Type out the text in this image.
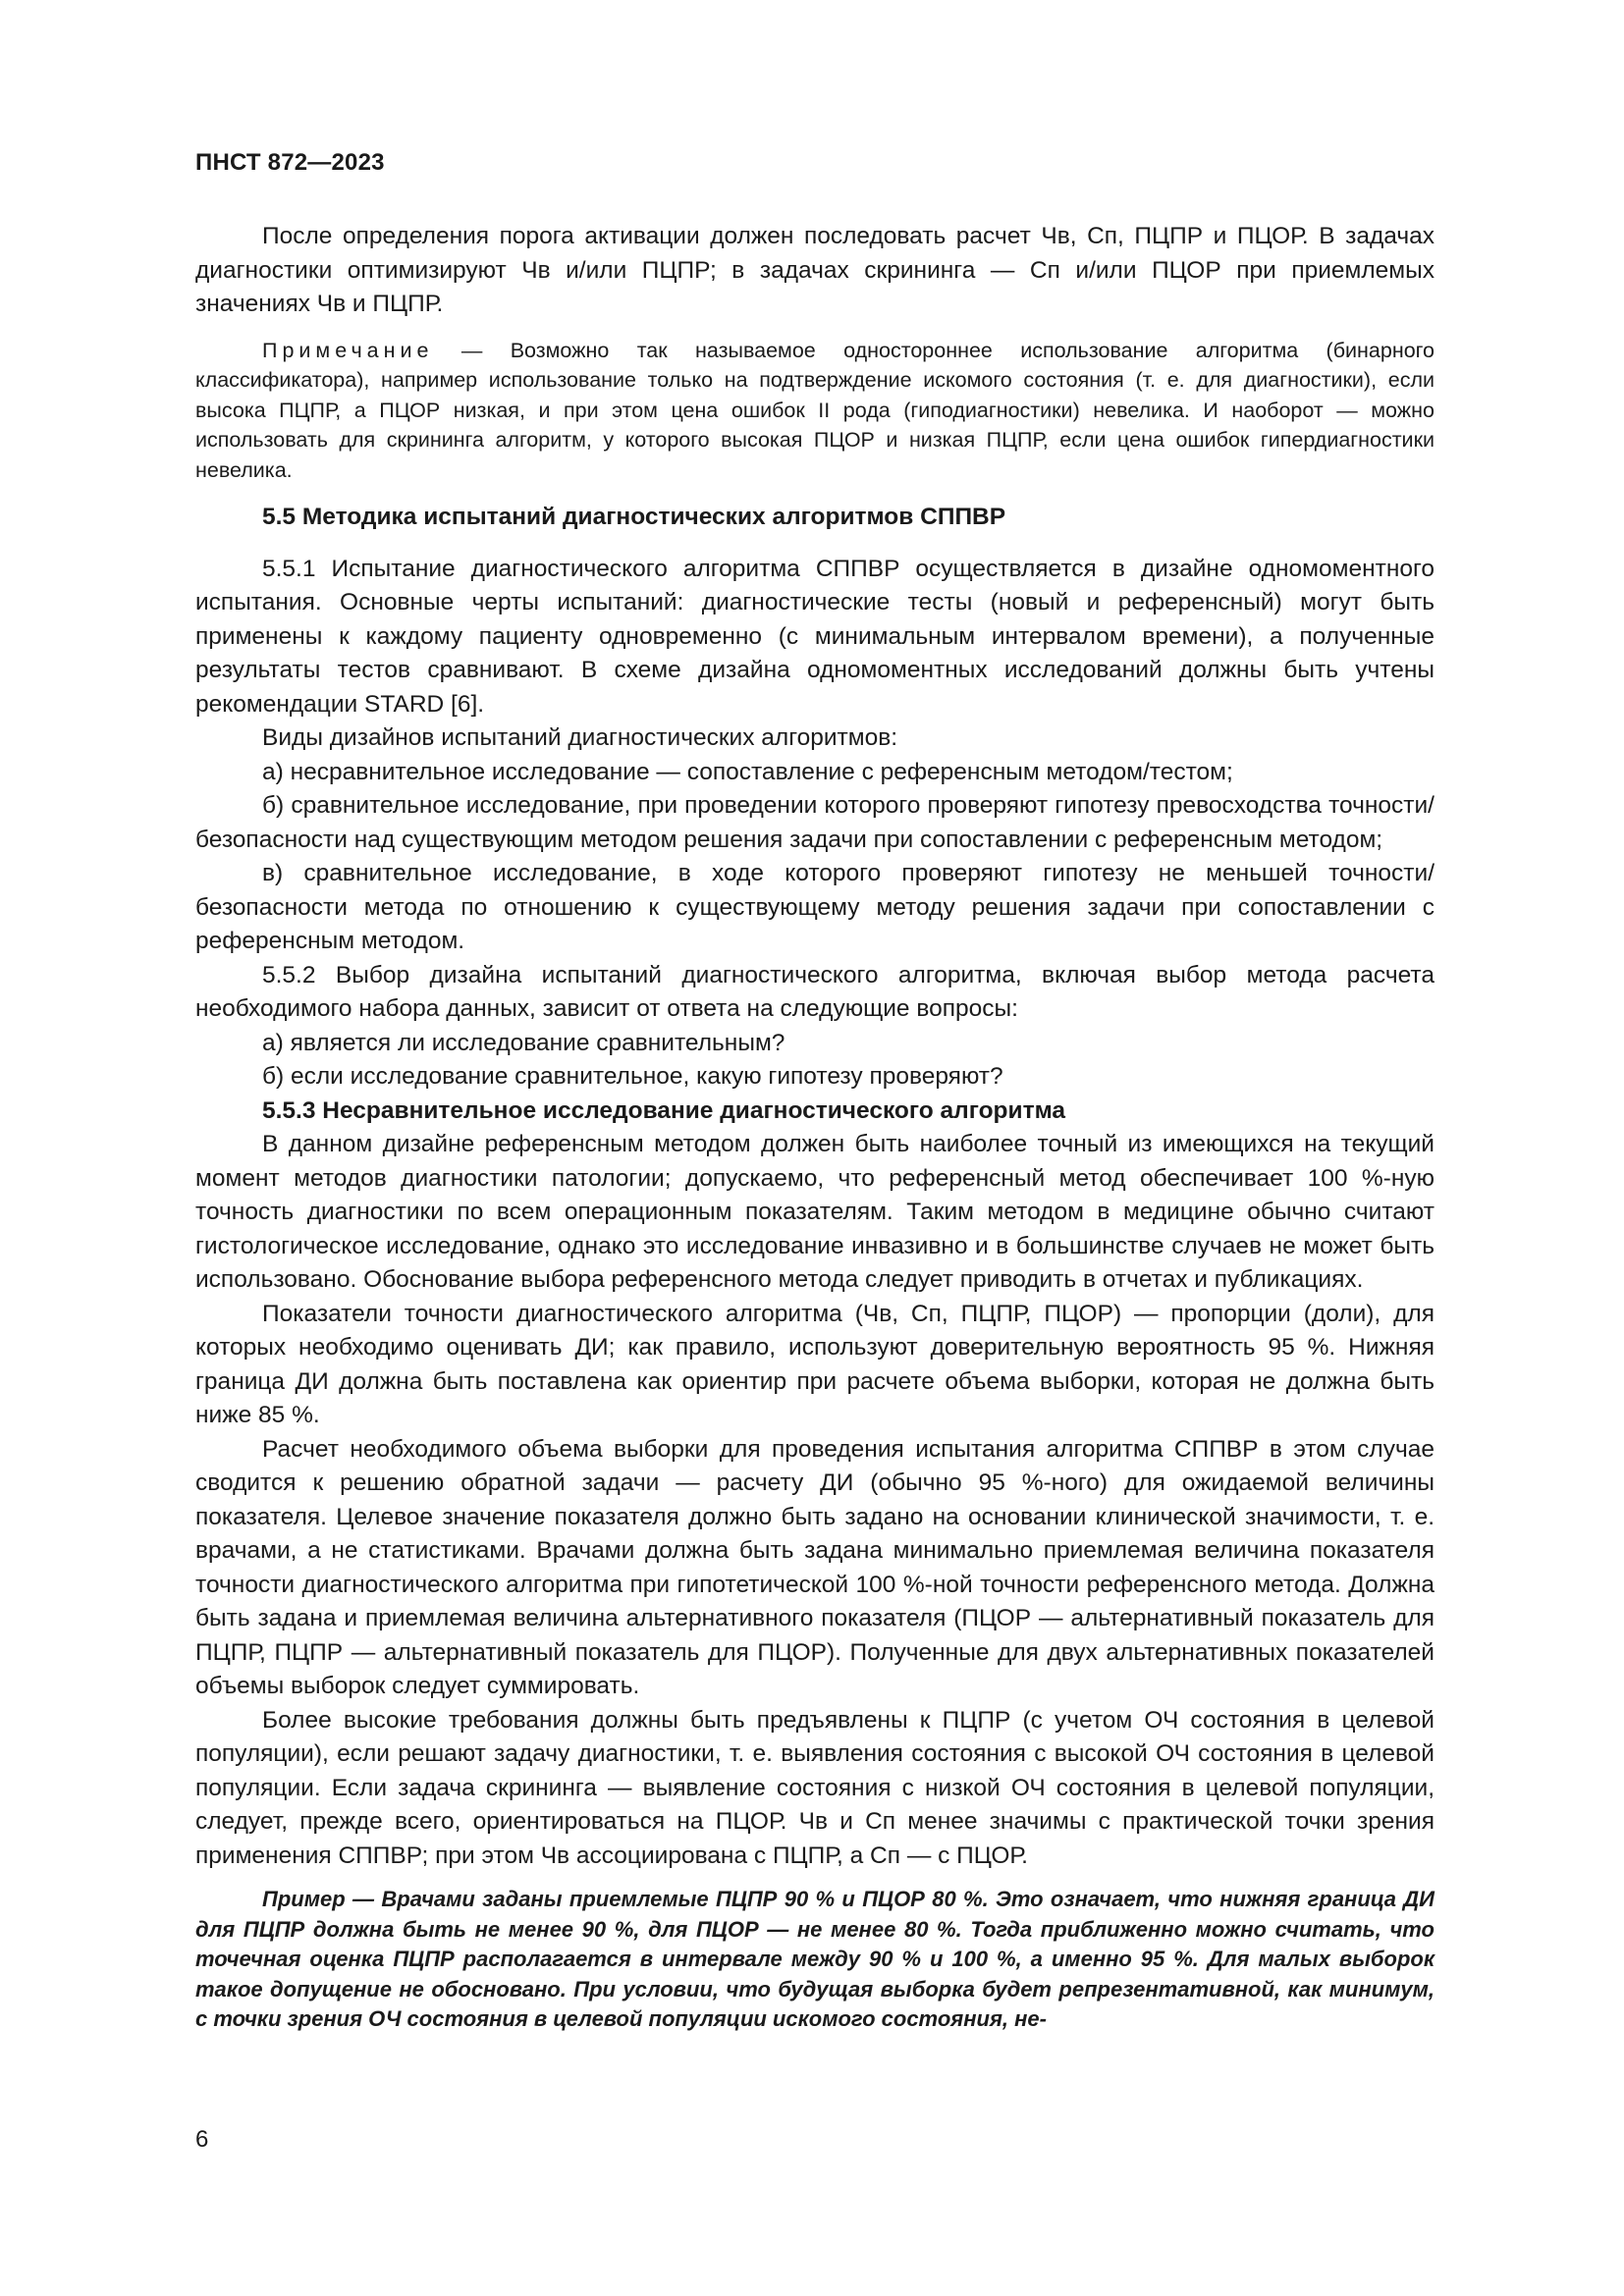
ПНСТ 872—2023

После определения порога активации должен последовать расчет Чв, Сп, ПЦПР и ПЦОР. В задачах диагностики оптимизируют Чв и/или ПЦПР; в задачах скрининга — Сп и/или ПЦОР при приемлемых значениях Чв и ПЦПР.

Примечание — Возможно так называемое одностороннее использование алгоритма (бинарного классификатора), например использование только на подтверждение искомого состояния (т. е. для диагностики), если высока ПЦПР, а ПЦОР низкая, и при этом цена ошибок II рода (гиподиагностики) невелика. И наоборот — можно использовать для скрининга алгоритм, у которого высокая ПЦОР и низкая ПЦПР, если цена ошибок гипердиагностики невелика.

5.5 Методика испытаний диагностических алгоритмов СППВР

5.5.1 Испытание диагностического алгоритма СППВР осуществляется в дизайне одномоментного испытания. Основные черты испытаний: диагностические тесты (новый и референсный) могут быть применены к каждому пациенту одновременно (с минимальным интервалом времени), а полученные результаты тестов сравнивают. В схеме дизайна одномоментных исследований должны быть учтены рекомендации STARD [6].

Виды дизайнов испытаний диагностических алгоритмов:

а) несравнительное исследование — сопоставление с референсным методом/тестом;

б) сравнительное исследование, при проведении которого проверяют гипотезу превосходства точности/безопасности над существующим методом решения задачи при сопоставлении с референсным методом;

в) сравнительное исследование, в ходе которого проверяют гипотезу не меньшей точности/безопасности метода по отношению к существующему методу решения задачи при сопоставлении с референсным методом.

5.5.2 Выбор дизайна испытаний диагностического алгоритма, включая выбор метода расчета необходимого набора данных, зависит от ответа на следующие вопросы:

а) является ли исследование сравнительным?

б) если исследование сравнительное, какую гипотезу проверяют?

5.5.3 Несравнительное исследование диагностического алгоритма

В данном дизайне референсным методом должен быть наиболее точный из имеющихся на текущий момент методов диагностики патологии; допускаемо, что референсный метод обеспечивает 100 %-ную точность диагностики по всем операционным показателям. Таким методом в медицине обычно считают гистологическое исследование, однако это исследование инвазивно и в большинстве случаев не может быть использовано. Обоснование выбора референсного метода следует приводить в отчетах и публикациях.

Показатели точности диагностического алгоритма (Чв, Сп, ПЦПР, ПЦОР) — пропорции (доли), для которых необходимо оценивать ДИ; как правило, используют доверительную вероятность 95 %. Нижняя граница ДИ должна быть поставлена как ориентир при расчете объема выборки, которая не должна быть ниже 85 %.

Расчет необходимого объема выборки для проведения испытания алгоритма СППВР в этом случае сводится к решению обратной задачи — расчету ДИ (обычно 95 %-ного) для ожидаемой величины показателя. Целевое значение показателя должно быть задано на основании клинической значимости, т. е. врачами, а не статистиками. Врачами должна быть задана минимально приемлемая величина показателя точности диагностического алгоритма при гипотетической 100 %-ной точности референсного метода. Должна быть задана и приемлемая величина альтернативного показателя (ПЦОР — альтернативный показатель для ПЦПР, ПЦПР — альтернативный показатель для ПЦОР). Полученные для двух альтернативных показателей объемы выборок следует суммировать.

Более высокие требования должны быть предъявлены к ПЦПР (с учетом ОЧ состояния в целевой популяции), если решают задачу диагностики, т. е. выявления состояния с высокой ОЧ состояния в целевой популяции. Если задача скрининга — выявление состояния с низкой ОЧ состояния в целевой популяции, следует, прежде всего, ориентироваться на ПЦОР. Чв и Сп менее значимы с практической точки зрения применения СППВР; при этом Чв ассоциирована с ПЦПР, а Сп — с ПЦОР.

Пример — Врачами заданы приемлемые ПЦПР 90 % и ПЦОР 80 %. Это означает, что нижняя граница ДИ для ПЦПР должна быть не менее 90 %, для ПЦОР — не менее 80 %. Тогда приближенно можно считать, что точечная оценка ПЦПР располагается в интервале между 90 % и 100 %, а именно 95 %. Для малых выборок такое допущение не обосновано. При условии, что будущая выборка будет репрезентативной, как минимум, с точки зрения ОЧ состояния в целевой популяции искомого состояния, не-

6
